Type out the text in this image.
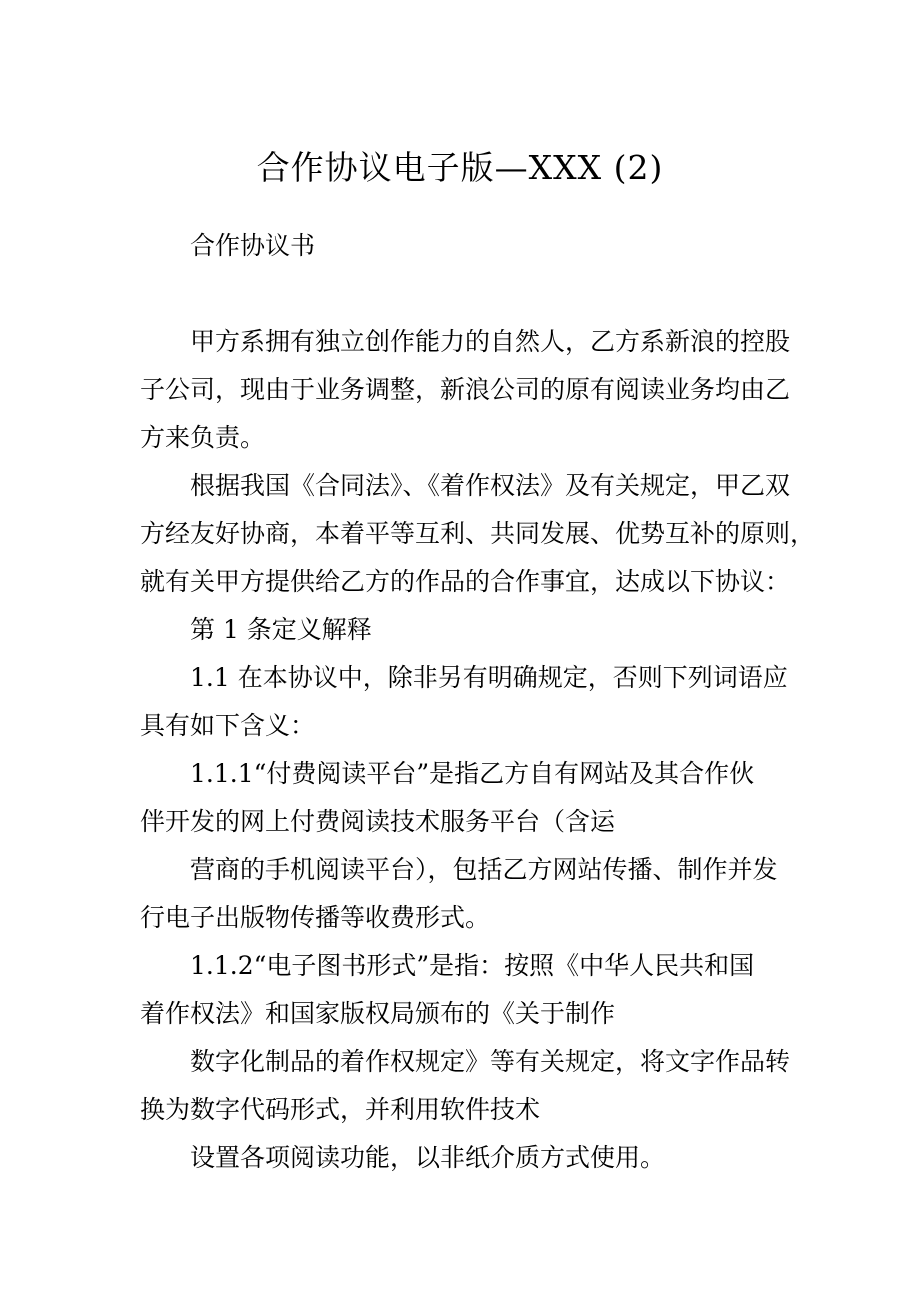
合作协议电子版—XXX (2)
合作协议书
甲方系拥有独立创作能力的自然人，乙方系新浪的控股
子公司，现由于业务调整，新浪公司的原有阅读业务均由乙
方来负责。
根据我国《合同法》、《着作权法》及有关规定，甲乙双
方经友好协商，本着平等互利、共同发展、优势互补的原则，
就有关甲方提供给乙方的作品的合作事宜，达成以下协议：
第 1 条定义解释
1.1 在本协议中，除非另有明确规定，否则下列词语应
具有如下含义：
1.1.1“付费阅读平台”是指乙方自有网站及其合作伙
伴开发的网上付费阅读技术服务平台（含运
营商的手机阅读平台），包括乙方网站传播、制作并发
行电子出版物传播等收费形式。
1.1.2“电子图书形式”是指：按照《中华人民共和国
着作权法》和国家版权局颁布的《关于制作
数字化制品的着作权规定》等有关规定，将文字作品转
换为数字代码形式，并利用软件技术
设置各项阅读功能，以非纸介质方式使用。
